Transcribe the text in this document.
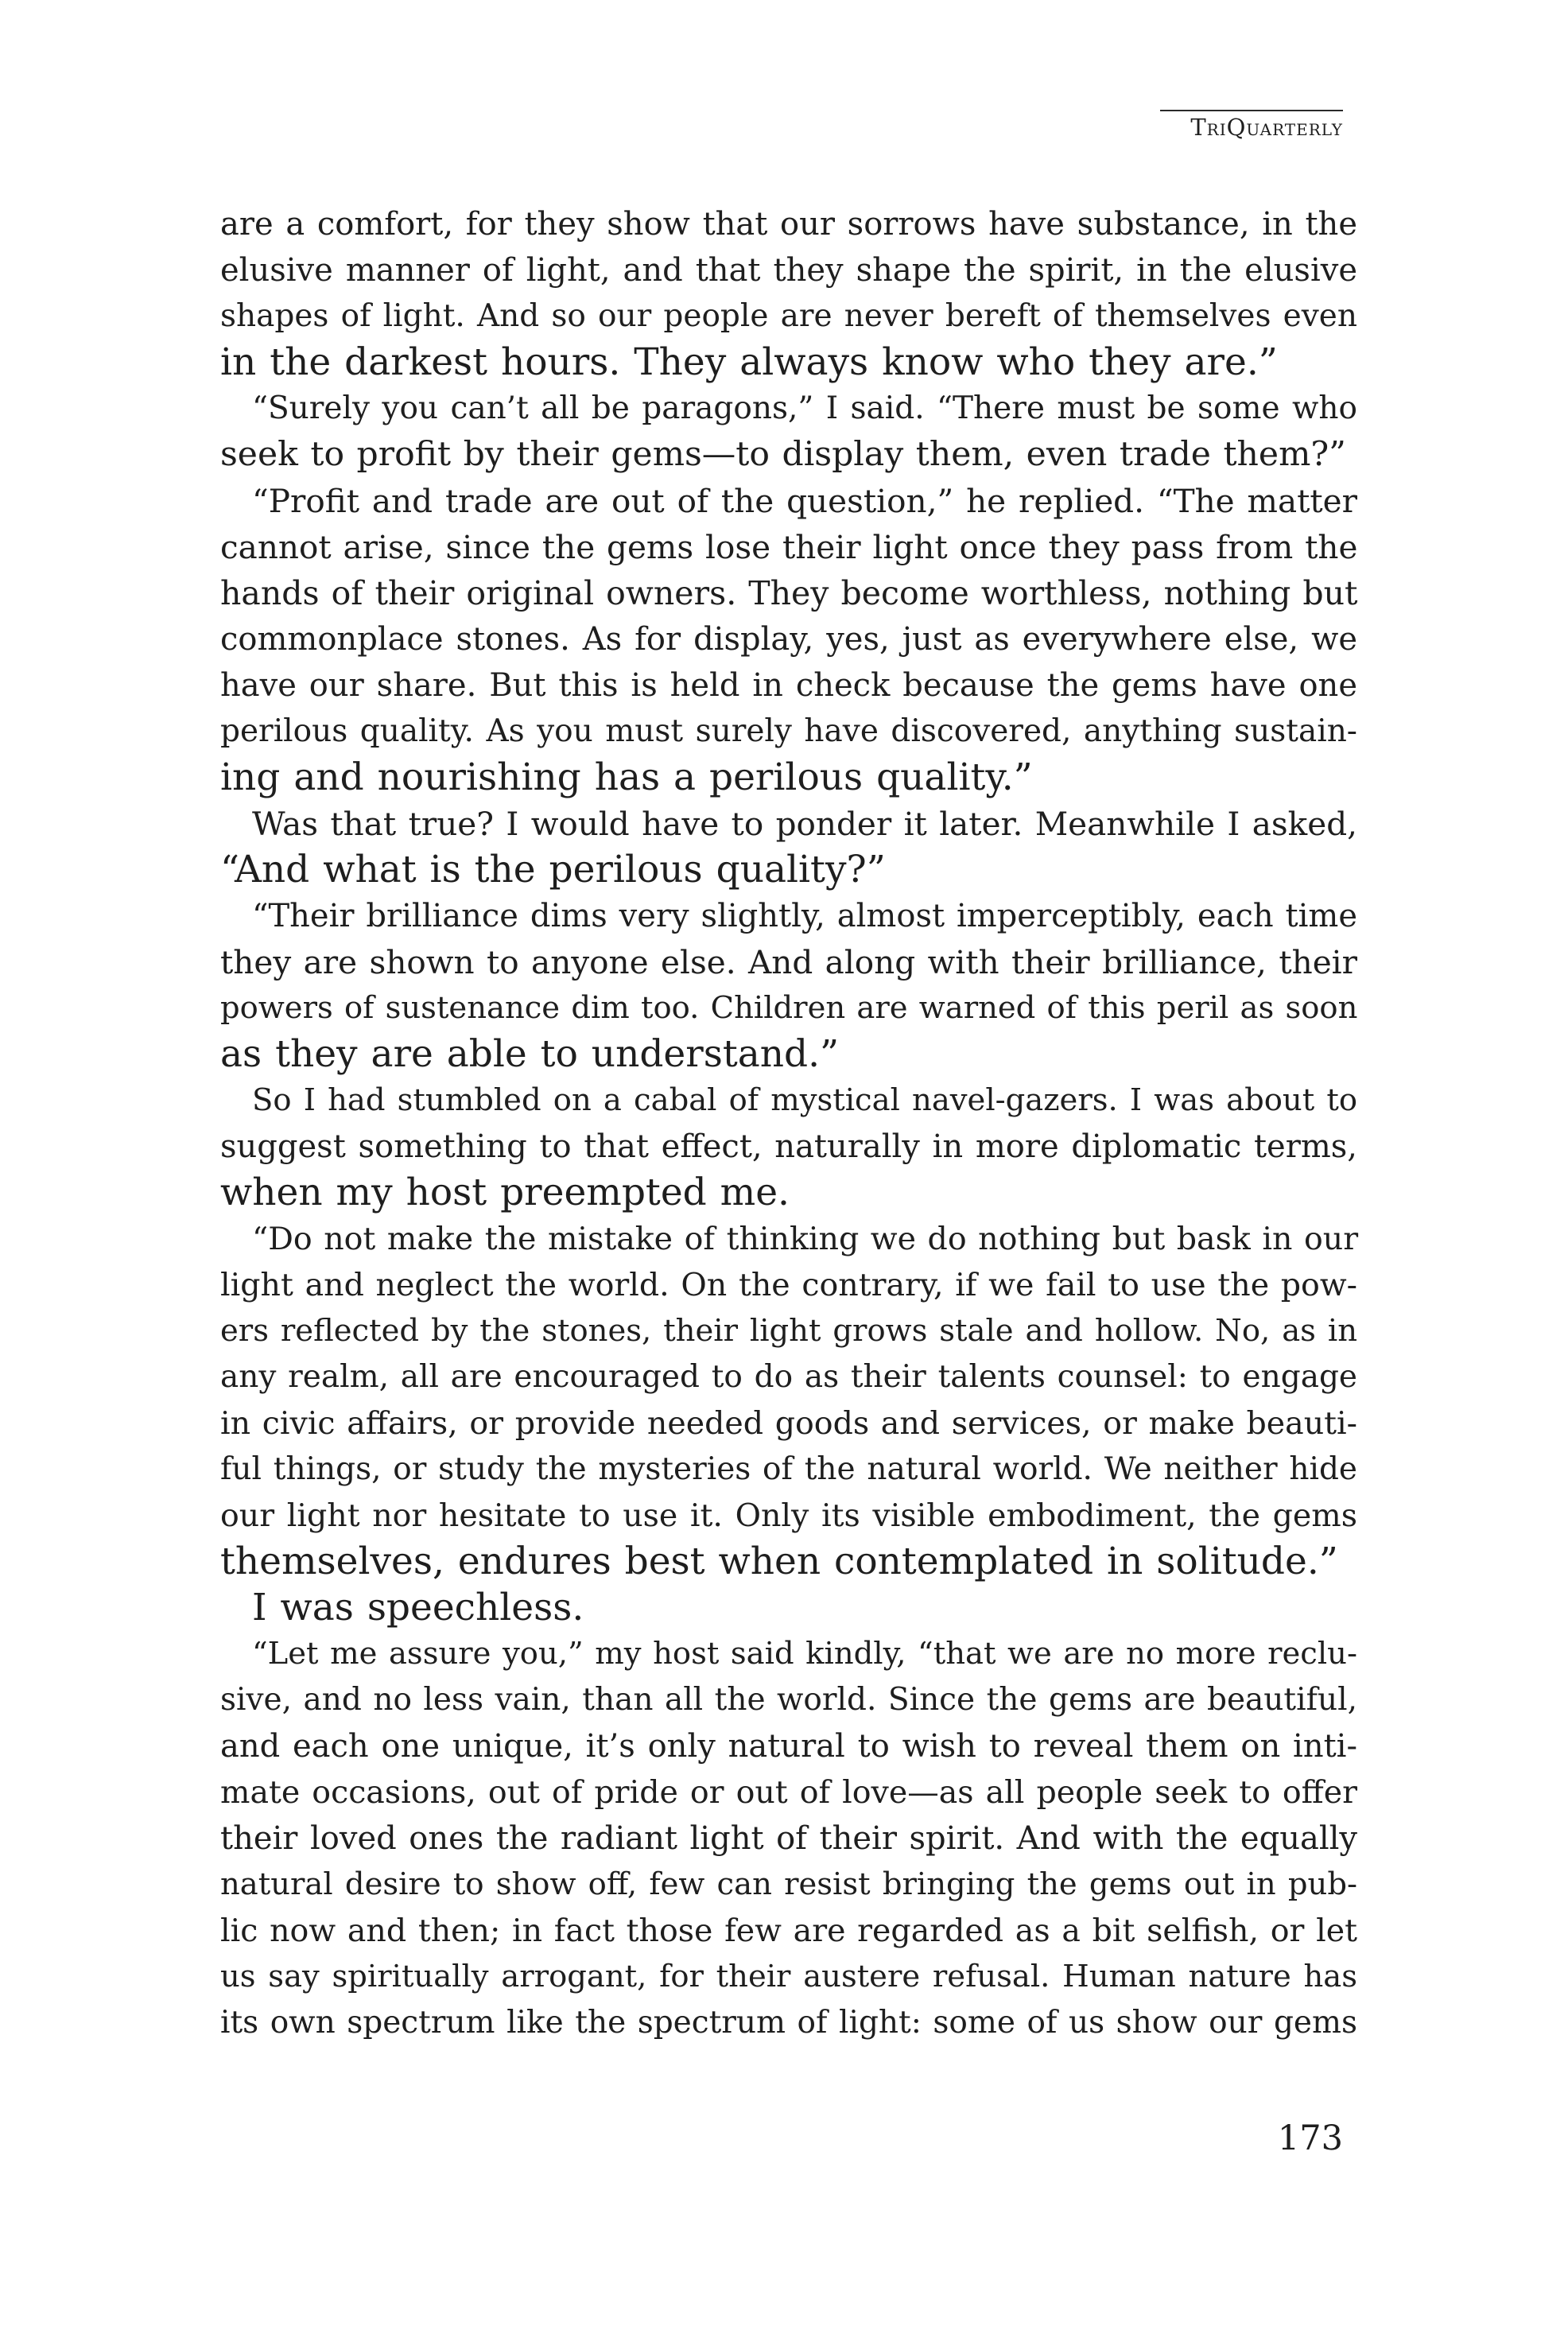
TriQuarterly
are a comfort, for they show that our sorrows have substance, in the
elusive manner of light, and that they shape the spirit, in the elusive
shapes of light. And so our people are never bereft of themselves even
in the darkest hours. They always know who they are.”
“Surely you can’t all be paragons,” I said. “There must be some who
seek to profit by their gems—to display them, even trade them?”
“Profit and trade are out of the question,” he replied. “The matter
cannot arise, since the gems lose their light once they pass from the
hands of their original owners. They become worthless, nothing but
commonplace stones. As for display, yes, just as everywhere else, we
have our share. But this is held in check because the gems have one
perilous quality. As you must surely have discovered, anything sustain-
ing and nourishing has a perilous quality.”
Was that true? I would have to ponder it later. Meanwhile I asked,
“And what is the perilous quality?”
“Their brilliance dims very slightly, almost imperceptibly, each time
they are shown to anyone else. And along with their brilliance, their
powers of sustenance dim too. Children are warned of this peril as soon
as they are able to understand.”
So I had stumbled on a cabal of mystical navel-gazers. I was about to
suggest something to that effect, naturally in more diplomatic terms,
when my host preempted me.
“Do not make the mistake of thinking we do nothing but bask in our
light and neglect the world. On the contrary, if we fail to use the pow-
ers reflected by the stones, their light grows stale and hollow. No, as in
any realm, all are encouraged to do as their talents counsel: to engage
in civic affairs, or provide needed goods and services, or make beauti-
ful things, or study the mysteries of the natural world. We neither hide
our light nor hesitate to use it. Only its visible embodiment, the gems
themselves, endures best when contemplated in solitude.”
I was speechless.
“Let me assure you,” my host said kindly, “that we are no more reclu-
sive, and no less vain, than all the world. Since the gems are beautiful,
and each one unique, it’s only natural to wish to reveal them on inti-
mate occasions, out of pride or out of love—as all people seek to offer
their loved ones the radiant light of their spirit. And with the equally
natural desire to show off, few can resist bringing the gems out in pub-
lic now and then; in fact those few are regarded as a bit selfish, or let
us say spiritually arrogant, for their austere refusal. Human nature has
its own spectrum like the spectrum of light: some of us show our gems
173
